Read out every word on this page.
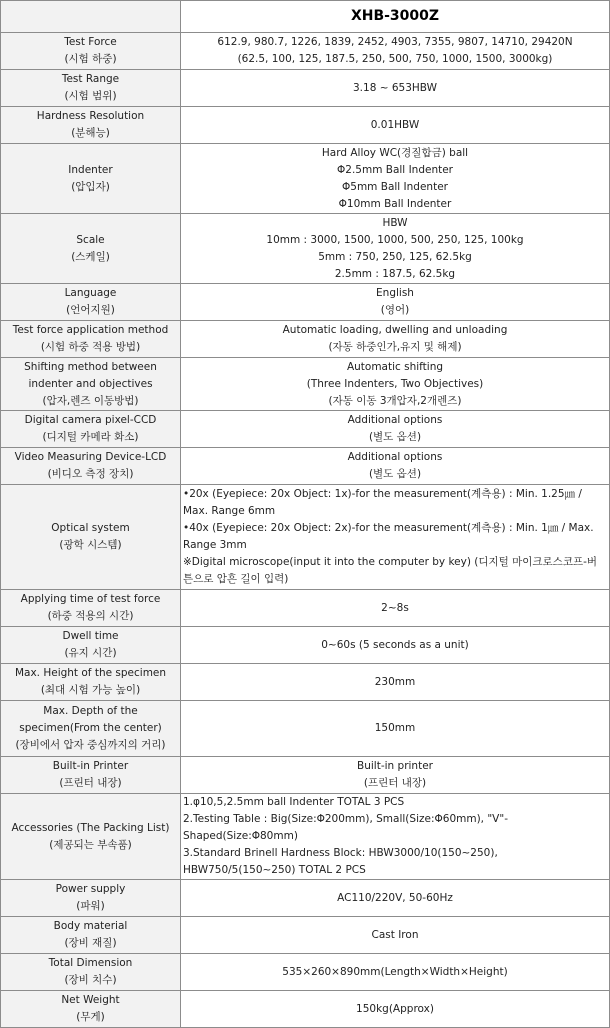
	XHB-3000Z

Test Force
(시험 하중)	612.9, 980.7, 1226, 1839, 2452, 4903, 7355, 9807, 14710, 29420N
(62.5, 100, 125, 187.5, 250, 500, 750, 1000, 1500, 3000kg)

Test Range
(시험 범위)	3.18 ~ 653HBW

Hardness Resolution
(분해능)	0.01HBW

Indenter
(압입자)	Hard Alloy WC(경질합금) ball
Φ2.5mm Ball Indenter
Φ5mm Ball Indenter
Φ10mm Ball Indenter

Scale
(스케일)	HBW
10mm : 3000, 1500, 1000, 500, 250, 125, 100kg
5mm : 750, 250, 125, 62.5kg
2.5mm : 187.5, 62.5kg

Language
(언어지원)	English
(영어)

Test force application method
(시험 하중 적용 방법)	Automatic loading, dwelling and unloading
(자동 하중인가,유지 및 해제)

Shifting method between indenter and objectives
(압자,렌즈 이동방법)	Automatic shifting
(Three Indenters, Two Objectives)
(자동 이동 3개압자,2개렌즈)

Digital camera pixel-CCD
(디지털 카메라 화소)	Additional options
(별도 옵션)

Video Measuring Device-LCD
(비디오 측정 장치)	Additional options
(별도 옵션)

Optical system
(광학 시스템)	•20x (Eyepiece: 20x Object: 1x)-for the measurement(계측용) : Min. 1.25㎛ / Max. Range 6mm
•40x (Eyepiece: 20x Object: 2x)-for the measurement(계측용) : Min. 1㎛ / Max. Range 3mm
※Digital microscope(input it into the computer by key) (디지털 마이크로스코프-버튼으로 압흔 길이 입력)

Applying time of test force
(하중 적용의 시간)	2~8s

Dwell time
(유지 시간)	0~60s (5 seconds as a unit)

Max. Height of the specimen
(최대 시험 가능 높이)	230mm

Max. Depth of the specimen(From the center)
(장비에서 압자 중심까지의 거리)	150mm

Built-in Printer
(프린터 내장)	Built-in printer
(프린터 내장)

Accessories (The Packing List)
(제공되는 부속품)	1.φ10,5,2.5mm ball Indenter TOTAL 3 PCS
2.Testing Table : Big(Size:Φ200mm), Small(Size:Φ60mm), "V"-Shaped(Size:Φ80mm)
3.Standard Brinell Hardness Block: HBW3000/10(150~250), HBW750/5(150~250) TOTAL 2 PCS

Power supply
(파워)	AC110/220V, 50-60Hz

Body material
(장비 재질)	Cast Iron

Total Dimension
(장비 치수)	535×260×890mm(Length×Width×Height)

Net Weight
(무게)	150kg(Approx)
